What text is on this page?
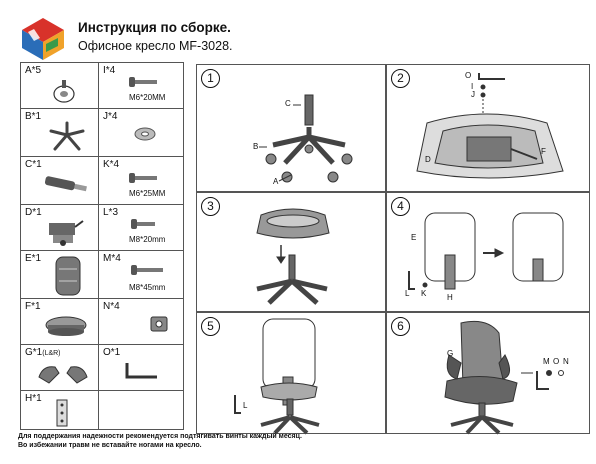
Инструкция по сборке.
Офисное кресло MF-3028.
A*5	I*4
M6*20MM
B*1	J*4
C*1	K*4
M6*25MM
D*1	L*3
M8*20mm
E*1	M*4
M8*45mm
F*1	N*4
G*1(L&R)	O*1
H*1
1
C
B
A
2	O
I
J
D
F
3	4
E
L K	H
5
L
6
G
M O N
Для поддержания надежности рекомендуется подтягивать винты каждый месяц.
Во избежании травм не вставайте ногами на кресло.
